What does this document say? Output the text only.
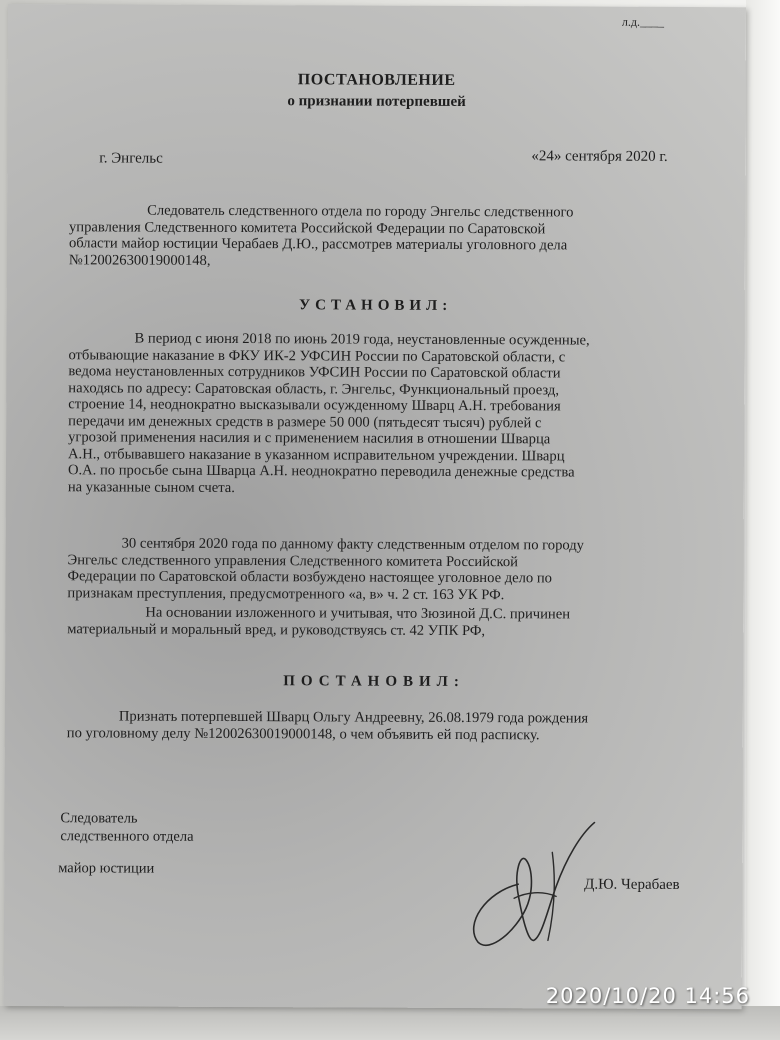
л.д.____
ПОСТАНОВЛЕНИЕ
о признании потерпевшей
г. Энгельс	«24» сентября 2020 г.
Следователь следственного отдела по городу Энгельс следственного
управления Следственного комитета Российской Федерации по Саратовской
области майор юстиции Черабаев Д.Ю., рассмотрев материалы уголовного дела
№12002630019000148,
УСТАНОВИЛ:
В период с июня 2018 по июнь 2019 года, неустановленные осужденные,
отбывающие наказание в ФКУ ИК-2 УФСИН России по Саратовской области, с
ведома неустановленных сотрудников УФСИН России по Саратовской области
находясь по адресу: Саратовская область, г. Энгельс, Функциональный проезд,
строение 14, неоднократно высказывали осужденному Шварц А.Н. требования
передачи им денежных средств в размере 50 000 (пятьдесят тысяч) рублей с
угрозой применения насилия и с применением насилия в отношении Шварца
А.Н., отбывавшего наказание в указанном исправительном учреждении. Шварц
О.А. по просьбе сына Шварца А.Н. неоднократно переводила денежные средства
на указанные сыном счета.
30 сентября 2020 года по данному факту следственным отделом по городу
Энгельс следственного управления Следственного комитета Российской
Федерации по Саратовской области возбуждено настоящее уголовное дело по
признакам преступления, предусмотренного «а, в» ч. 2 ст. 163 УК РФ.
На основании изложенного и учитывая, что Зюзиной Д.С. причинен
материальный и моральный вред, и руководствуясь ст. 42 УПК РФ,
ПОСТАНОВИЛ:
Признать потерпевшей Шварц Ольгу Андреевну, 26.08.1979 года рождения
по уголовному делу №12002630019000148, о чем объявить ей под расписку.
Следователь
следственного отдела
майор юстиции
Д.Ю. Черабаев
2020/10/20 14:56
